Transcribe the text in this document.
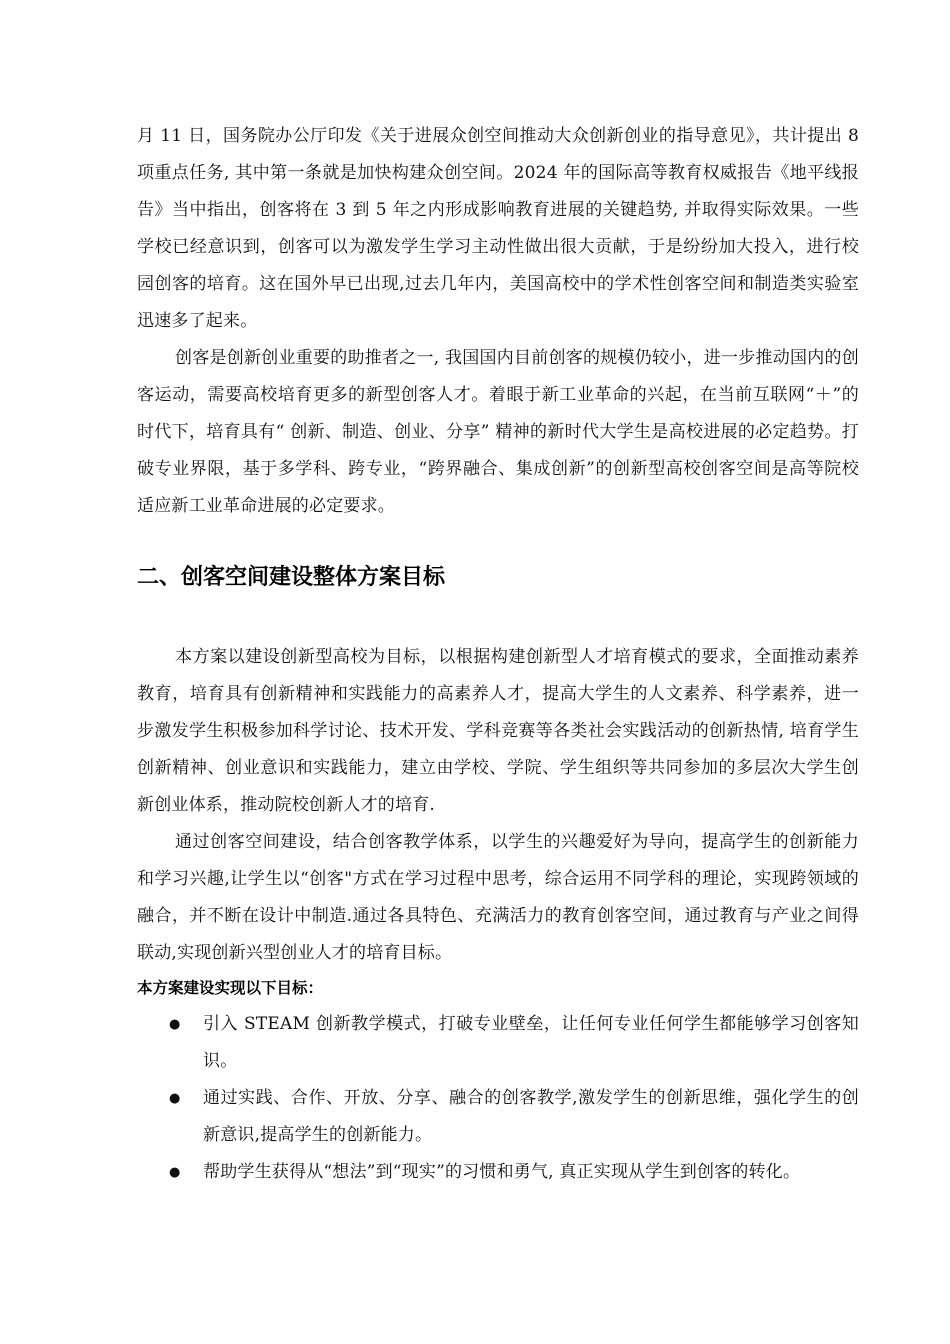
月 11 日，国务院办公厅印发《关于进展众创空间推动大众创新创业的指导意见》，共计提出 8 项重点任务, 其中第一条就是加快构建众创空间。2024 年的国际高等教育权威报告《地平线报告》当中指出，创客将在 3 到 5 年之内形成影响教育进展的关键趋势, 并取得实际效果。一些学校已经意识到，创客可以为激发学生学习主动性做出很大贡献，于是纷纷加大投入，进行校园创客的培育。这在国外早已出现,过去几年内，美国高校中的学术性创客空间和制造类实验室迅速多了起来。

创客是创新创业重要的助推者之一, 我国国内目前创客的规模仍较小，进一步推动国内的创客运动，需要高校培育更多的新型创客人才。着眼于新工业革命的兴起，在当前互联网“＋”的时代下，培育具有“ 创新、制造、创业、分享” 精神的新时代大学生是高校进展的必定趋势。打破专业界限，基于多学科、跨专业，“跨界融合、集成创新”的创新型高校创客空间是高等院校适应新工业革命进展的必定要求。

二、创客空间建设整体方案目标

本方案以建设创新型高校为目标，以根据构建创新型人才培育模式的要求，全面推动素养教育，培育具有创新精神和实践能力的高素养人才，提高大学生的人文素养、科学素养，进一步激发学生积极参加科学讨论、技术开发、学科竞赛等各类社会实践活动的创新热情, 培育学生创新精神、创业意识和实践能力，建立由学校、学院、学生组织等共同参加的多层次大学生创新创业体系，推动院校创新人才的培育.

通过创客空间建设，结合创客教学体系，以学生的兴趣爱好为导向，提高学生的创新能力和学习兴趣,让学生以“创客"方式在学习过程中思考，综合运用不同学科的理论，实现跨领域的融合，并不断在设计中制造.通过各具特色、充满活力的教育创客空间，通过教育与产业之间得联动,实现创新兴型创业人才的培育目标。

本方案建设实现以下目标：
● 引入 STEAM 创新教学模式，打破专业壁垒，让任何专业任何学生都能够学习创客知识。
● 通过实践、合作、开放、分享、融合的创客教学,激发学生的创新思维，强化学生的创新意识,提高学生的创新能力。
● 帮助学生获得从“想法”到“现实”的习惯和勇气, 真正实现从学生到创客的转化。
